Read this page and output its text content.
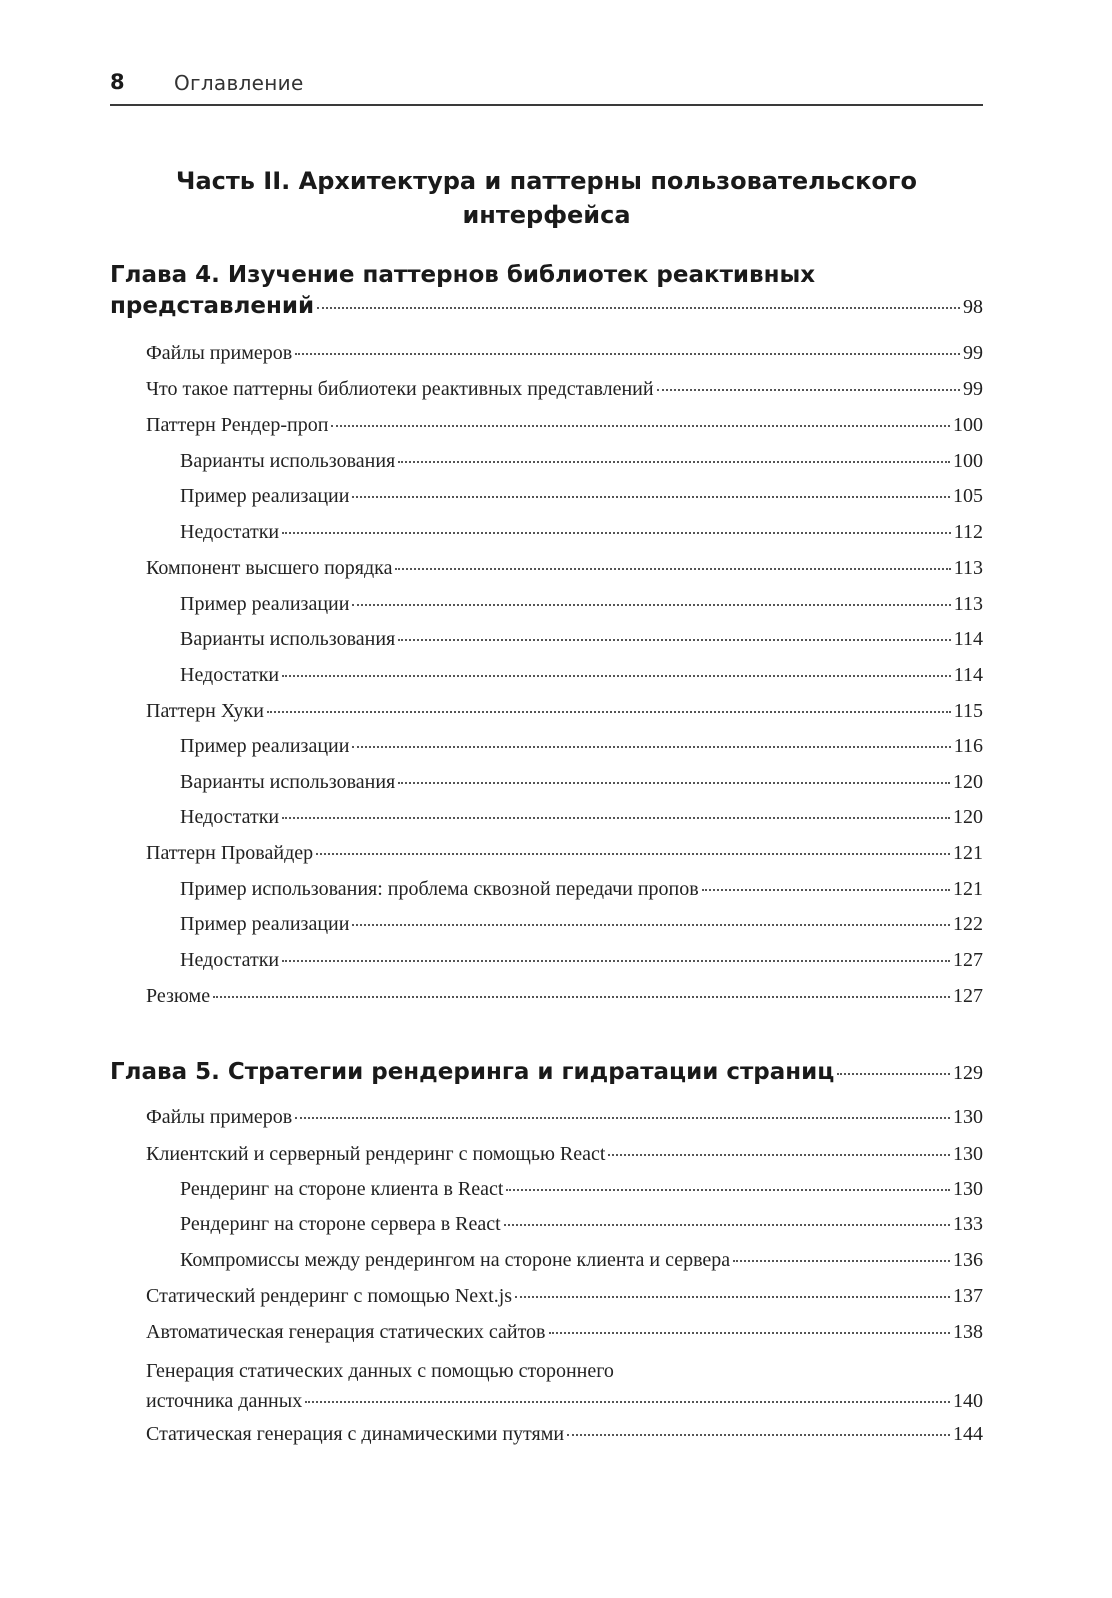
8 Оглавление
Часть II. Архитектура и паттерны пользовательского
интерфейса
Глава 4. Изучение паттернов библиотек реактивных
представлений	98
Файлы примеров	99
Что такое паттерны библиотеки реактивных представлений	99
Паттерн Рендер-проп	100
Варианты использования	100
Пример реализации	105
Недостатки	112
Компонент высшего порядка	113
Пример реализации	113
Варианты использования	114
Недостатки	114
Паттерн Хуки	115
Пример реализации	116
Варианты использования	120
Недостатки	120
Паттерн Провайдер	121
Пример использования: проблема сквозной передачи пропов	121
Пример реализации	122
Недостатки	127
Резюме	127
Глава 5. Стратегии рендеринга и гидратации страниц	129
Файлы примеров	130
Клиентский и серверный рендеринг с помощью React	130
Рендеринг на стороне клиента в React	130
Рендеринг на стороне сервера в React	133
Компромиссы между рендерингом на стороне клиента и сервера	136
Статический рендеринг с помощью Next.js	137
Автоматическая генерация статических сайтов	138
Генерация статических данных с помощью стороннего
источника данных	140
Статическая генерация с динамическими путями	144
